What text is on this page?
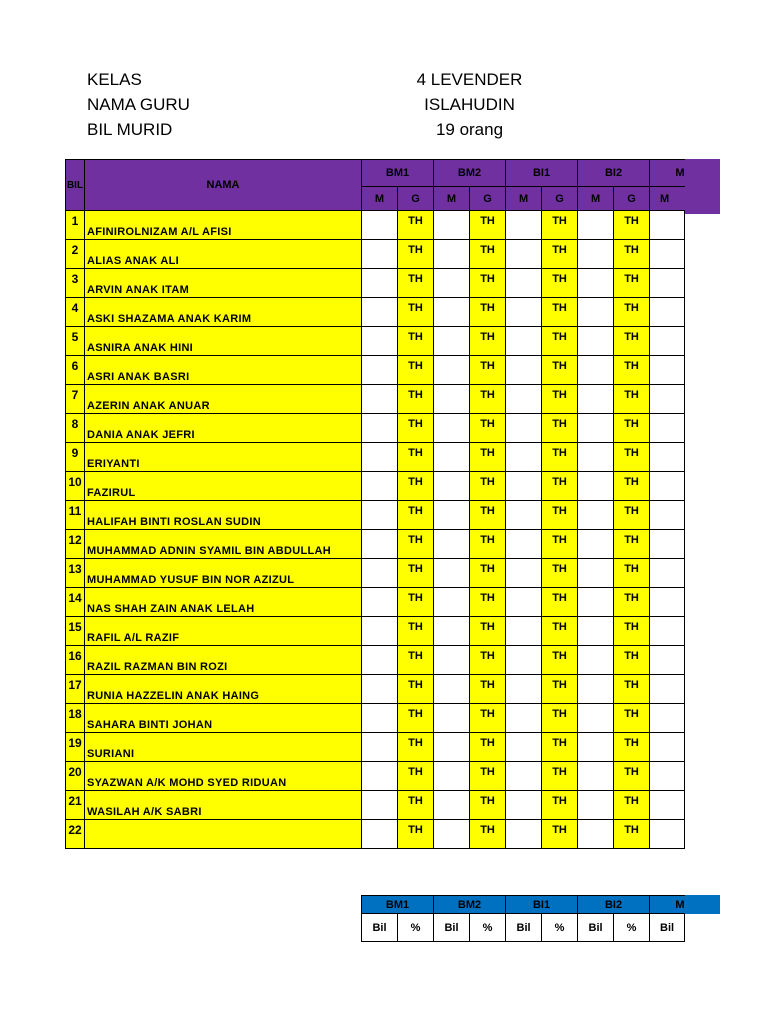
KELAS
NAMA GURU
BIL MURID
4 LEVENDER
ISLAHUDIN
19 orang
BIL	NAMA	BM1		BM2		BI1		BI2		M
		M	G	M	G	M	G	M	G	M
1	AFINIROLNIZAM A/L AFISI		TH		TH		TH		TH	
2	ALIAS ANAK ALI		TH		TH		TH		TH	
3	ARVIN ANAK ITAM		TH		TH		TH		TH	
4	ASKI SHAZAMA ANAK KARIM		TH		TH		TH		TH	
5	ASNIRA ANAK HINI		TH		TH		TH		TH	
6	ASRI ANAK BASRI		TH		TH		TH		TH	
7	AZERIN ANAK ANUAR		TH		TH		TH		TH	
8	DANIA ANAK JEFRI		TH		TH		TH		TH	
9	ERIYANTI		TH		TH		TH		TH	
10	FAZIRUL		TH		TH		TH		TH	
11	HALIFAH BINTI ROSLAN SUDIN		TH		TH		TH		TH	
12	MUHAMMAD ADNIN SYAMIL BIN ABDULLAH		TH		TH		TH		TH	
13	MUHAMMAD YUSUF BIN NOR AZIZUL		TH		TH		TH		TH	
14	NAS SHAH ZAIN ANAK LELAH		TH		TH		TH		TH	
15	RAFIL A/L RAZIF		TH		TH		TH		TH	
16	RAZIL RAZMAN BIN ROZI		TH		TH		TH		TH	
17	RUNIA HAZZELIN ANAK HAING		TH		TH		TH		TH	
18	SAHARA BINTI JOHAN		TH		TH		TH		TH	
19	SURIANI		TH		TH		TH		TH	
20	SYAZWAN A/K MOHD SYED RIDUAN		TH		TH		TH		TH	
21	WASILAH A/K SABRI		TH		TH		TH		TH	
22			TH		TH		TH		TH	
BM1		BM2		BI1		BI2		M
Bil	%	Bil	%	Bil	%	Bil	%	Bil
